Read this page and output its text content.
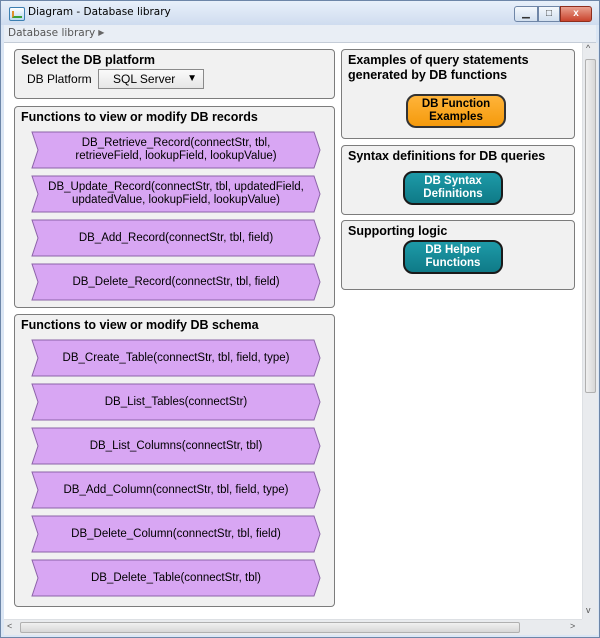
Diagram - Database library	▁	□	x
Database library ▶
Select the DB platform
DB Platform SQL Server ▼
Functions to view or modify DB records
DB_Retrieve_Record(connectStr, tbl,
retrieveField, lookupField, lookupValue)
DB_Update_Record(connectStr, tbl, updatedField,
updatedValue, lookupField, lookupValue)
DB_Add_Record(connectStr, tbl, field)
DB_Delete_Record(connectStr, tbl, field)
Functions to view or modify DB schema
DB_Create_Table(connectStr, tbl, field, type)
DB_List_Tables(connectStr)
DB_List_Columns(connectStr, tbl)
DB_Add_Column(connectStr, tbl, field, type)
DB_Delete_Column(connectStr, tbl, field)
DB_Delete_Table(connectStr, tbl)
Examples of query statements
generated by DB functions
DB Function
Examples
Syntax definitions for DB queries
DB Syntax
Definitions
Supporting logic
DB Helper
Functions
^
v
<	>
